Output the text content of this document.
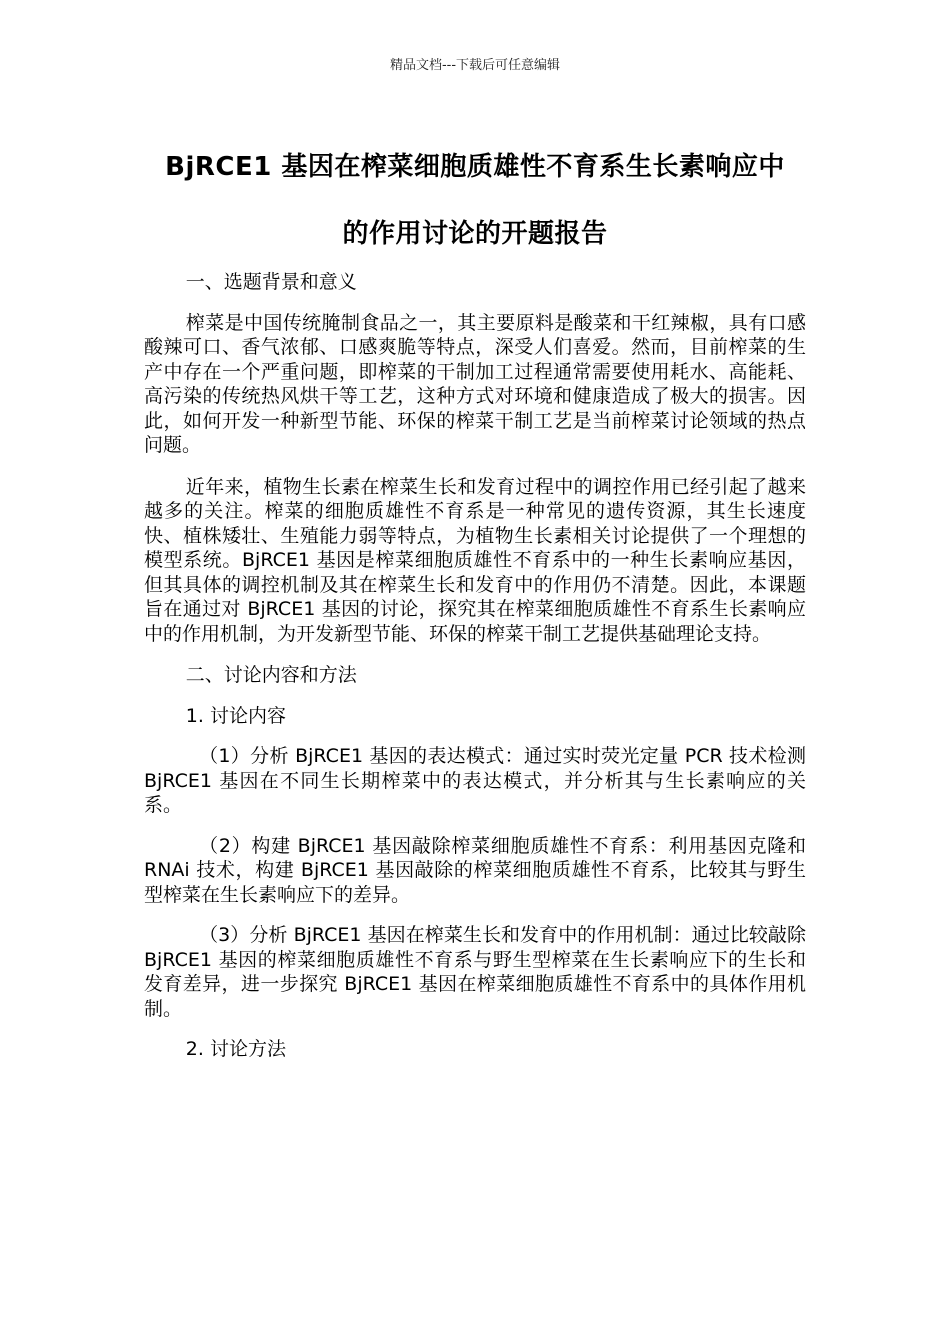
精品文档---下载后可任意编辑
BjRCE1 基因在榨菜细胞质雄性不育系生长素响应中
的作用讨论的开题报告

一、选题背景和意义

榨菜是中国传统腌制食品之一，其主要原料是酸菜和干红辣椒，具有口感酸辣可口、香气浓郁、口感爽脆等特点，深受人们喜爱。然而，目前榨菜的生产中存在一个严重问题，即榨菜的干制加工过程通常需要使用耗水、高能耗、高污染的传统热风烘干等工艺，这种方式对环境和健康造成了极大的损害。因此，如何开发一种新型节能、环保的榨菜干制工艺是当前榨菜讨论领域的热点问题。

近年来，植物生长素在榨菜生长和发育过程中的调控作用已经引起了越来越多的关注。榨菜的细胞质雄性不育系是一种常见的遗传资源，其生长速度快、植株矮壮、生殖能力弱等特点，为植物生长素相关讨论提供了一个理想的模型系统。BjRCE1 基因是榨菜细胞质雄性不育系中的一种生长素响应基因，但其具体的调控机制及其在榨菜生长和发育中的作用仍不清楚。因此，本课题旨在通过对 BjRCE1 基因的讨论，探究其在榨菜细胞质雄性不育系生长素响应中的作用机制，为开发新型节能、环保的榨菜干制工艺提供基础理论支持。

二、讨论内容和方法

1. 讨论内容

（1）分析 BjRCE1 基因的表达模式：通过实时荧光定量 PCR 技术检测 BjRCE1 基因在不同生长期榨菜中的表达模式，并分析其与生长素响应的关系。

（2）构建 BjRCE1 基因敲除榨菜细胞质雄性不育系：利用基因克隆和 RNAi 技术，构建 BjRCE1 基因敲除的榨菜细胞质雄性不育系，比较其与野生型榨菜在生长素响应下的差异。

（3）分析 BjRCE1 基因在榨菜生长和发育中的作用机制：通过比较敲除 BjRCE1 基因的榨菜细胞质雄性不育系与野生型榨菜在生长素响应下的生长和发育差异，进一步探究 BjRCE1 基因在榨菜细胞质雄性不育系中的具体作用机制。

2. 讨论方法
